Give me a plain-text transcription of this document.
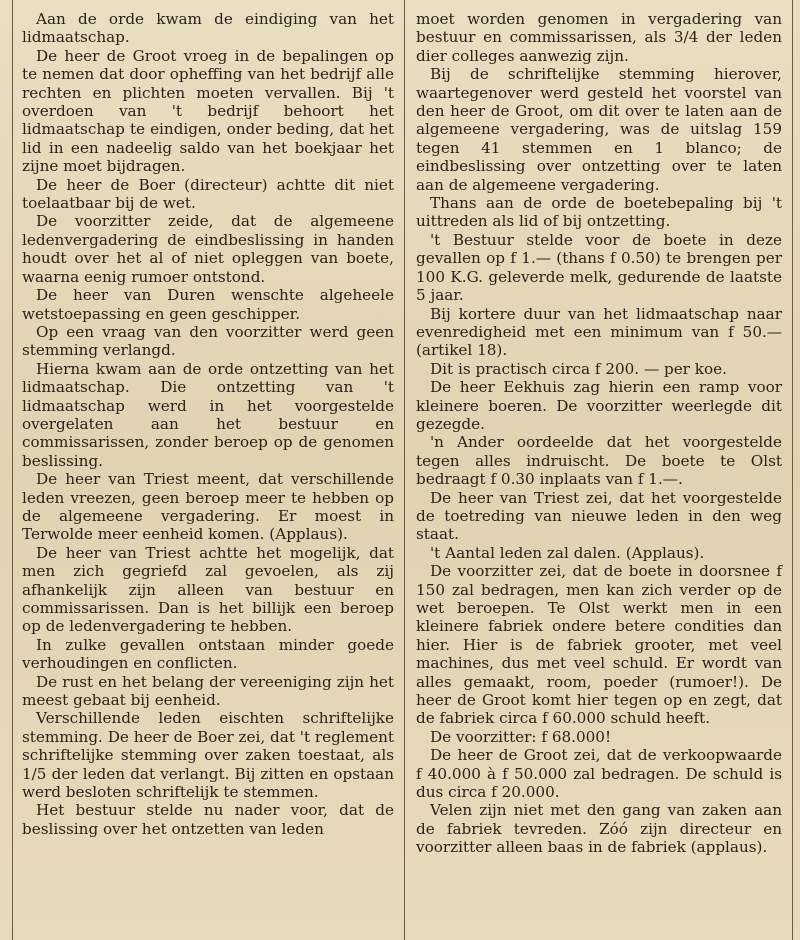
Aan de orde kwam de eindiging van het lidmaatschap.

De heer de Groot vroeg in de bepalingen op te nemen dat door opheffing van het bedrijf alle rechten en plichten moeten vervallen. Bij 't overdoen van 't bedrijf behoort het lidmaatschap te eindigen, onder beding, dat het lid in een nadeelig saldo van het boekjaar het zijne moet bijdragen.

De heer de Boer (directeur) achtte dit niet toelaatbaar bij de wet.

De voorzitter zeide, dat de algemeene ledenvergadering de eindbeslissing in handen houdt over het al of niet opleggen van boete, waarna eenig rumoer ontstond.

De heer van Duren wenschte algeheele wetstoepassing en geen geschipper.

Op een vraag van den voorzitter werd geen stemming verlangd.

Hierna kwam aan de orde ontzetting van het lidmaatschap. Die ontzetting van 't lidmaatschap werd in het voorgestelde overgelaten aan het bestuur en commissarissen, zonder beroep op de genomen beslissing.

De heer van Triest meent, dat verschillende leden vreezen, geen beroep meer te hebben op de algemeene vergadering. Er moest in Terwolde meer eenheid komen. (Applaus).

De heer van Triest achtte het mogelijk, dat men zich gegriefd zal gevoelen, als zij afhankelijk zijn alleen van bestuur en commissarissen. Dan is het billijk een beroep op de ledenvergadering te hebben.

In zulke gevallen ontstaan minder goede verhoudingen en conflicten.

De rust en het belang der vereeniging zijn het meest gebaat bij eenheid.

Verschillende leden eischten schriftelijke stemming. De heer de Boer zei, dat 't reglement schriftelijke stemming over zaken toestaat, als 1/5 der leden dat verlangt. Bij zitten en opstaan werd besloten schriftelijk te stemmen.

Het bestuur stelde nu nader voor, dat de beslissing over het ontzetten van leden

moet worden genomen in vergadering van bestuur en commissarissen, als 3/4 der leden dier colleges aanwezig zijn.

Bij de schriftelijke stemming hierover, waartegenover werd gesteld het voorstel van den heer de Groot, om dit over te laten aan de algemeene vergadering, was de uitslag 159 tegen 41 stemmen en 1 blanco; de eindbeslissing over ontzetting over te laten aan de algemeene vergadering.

Thans aan de orde de boetebepaling bij 't uittreden als lid of bij ontzetting.

't Bestuur stelde voor de boete in deze gevallen op f 1.— (thans f 0.50) te brengen per 100 K.G. geleverde melk, gedurende de laatste 5 jaar.

Bij kortere duur van het lidmaatschap naar evenredigheid met een minimum van f 50.— (artikel 18).

Dit is practisch circa f 200. — per koe.

De heer Eekhuis zag hierin een ramp voor kleinere boeren. De voorzitter weerlegde dit gezegde.

'n Ander oordeelde dat het voorgestelde tegen alles indruischt. De boete te Olst bedraagt f 0.30 inplaats van f 1.—.

De heer van Triest zei, dat het voorgestelde de toetreding van nieuwe leden in den weg staat.

't Aantal leden zal dalen. (Applaus).

De voorzitter zei, dat de boete in doorsnee f 150 zal bedragen, men kan zich verder op de wet beroepen. Te Olst werkt men in een kleinere fabriek ondere betere condities dan hier. Hier is de fabriek grooter, met veel machines, dus met veel schuld. Er wordt van alles gemaakt, room, poeder (rumoer!). De heer de Groot komt hier tegen op en zegt, dat de fabriek circa f 60.000 schuld heeft.

De voorzitter: f 68.000!

De heer de Groot zei, dat de verkoopwaarde f 40.000 à f 50.000 zal bedragen. De schuld is dus circa f 20.000.

Velen zijn niet met den gang van zaken aan de fabriek tevreden. Zóó zijn directeur en voorzitter alleen baas in de fabriek (applaus).
